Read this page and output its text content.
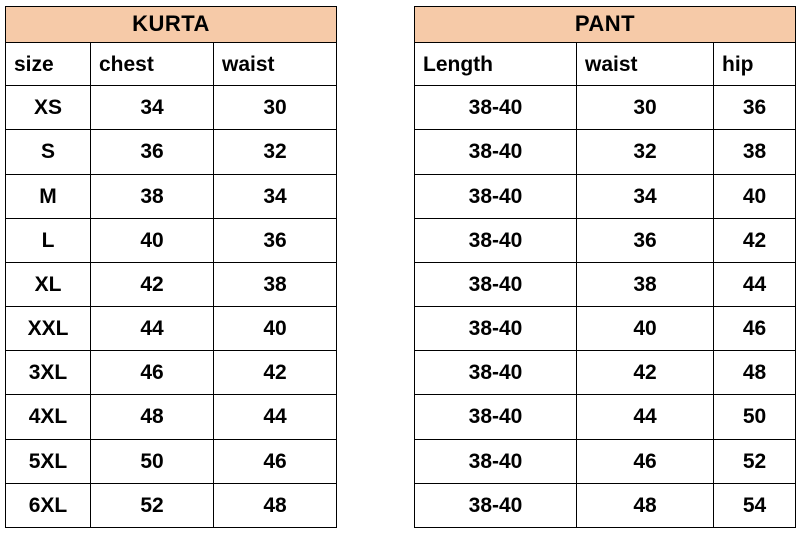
KURTA		
size	chest	waist
XS	34	30
S	36	32
M	38	34
L	40	36
XL	42	38
XXL	44	40
3XL	46	42
4XL	48	44
5XL	50	46
6XL	52	48
PANT		
Length	waist	hip
38-40	30	36
38-40	32	38
38-40	34	40
38-40	36	42
38-40	38	44
38-40	40	46
38-40	42	48
38-40	44	50
38-40	46	52
38-40	48	54
